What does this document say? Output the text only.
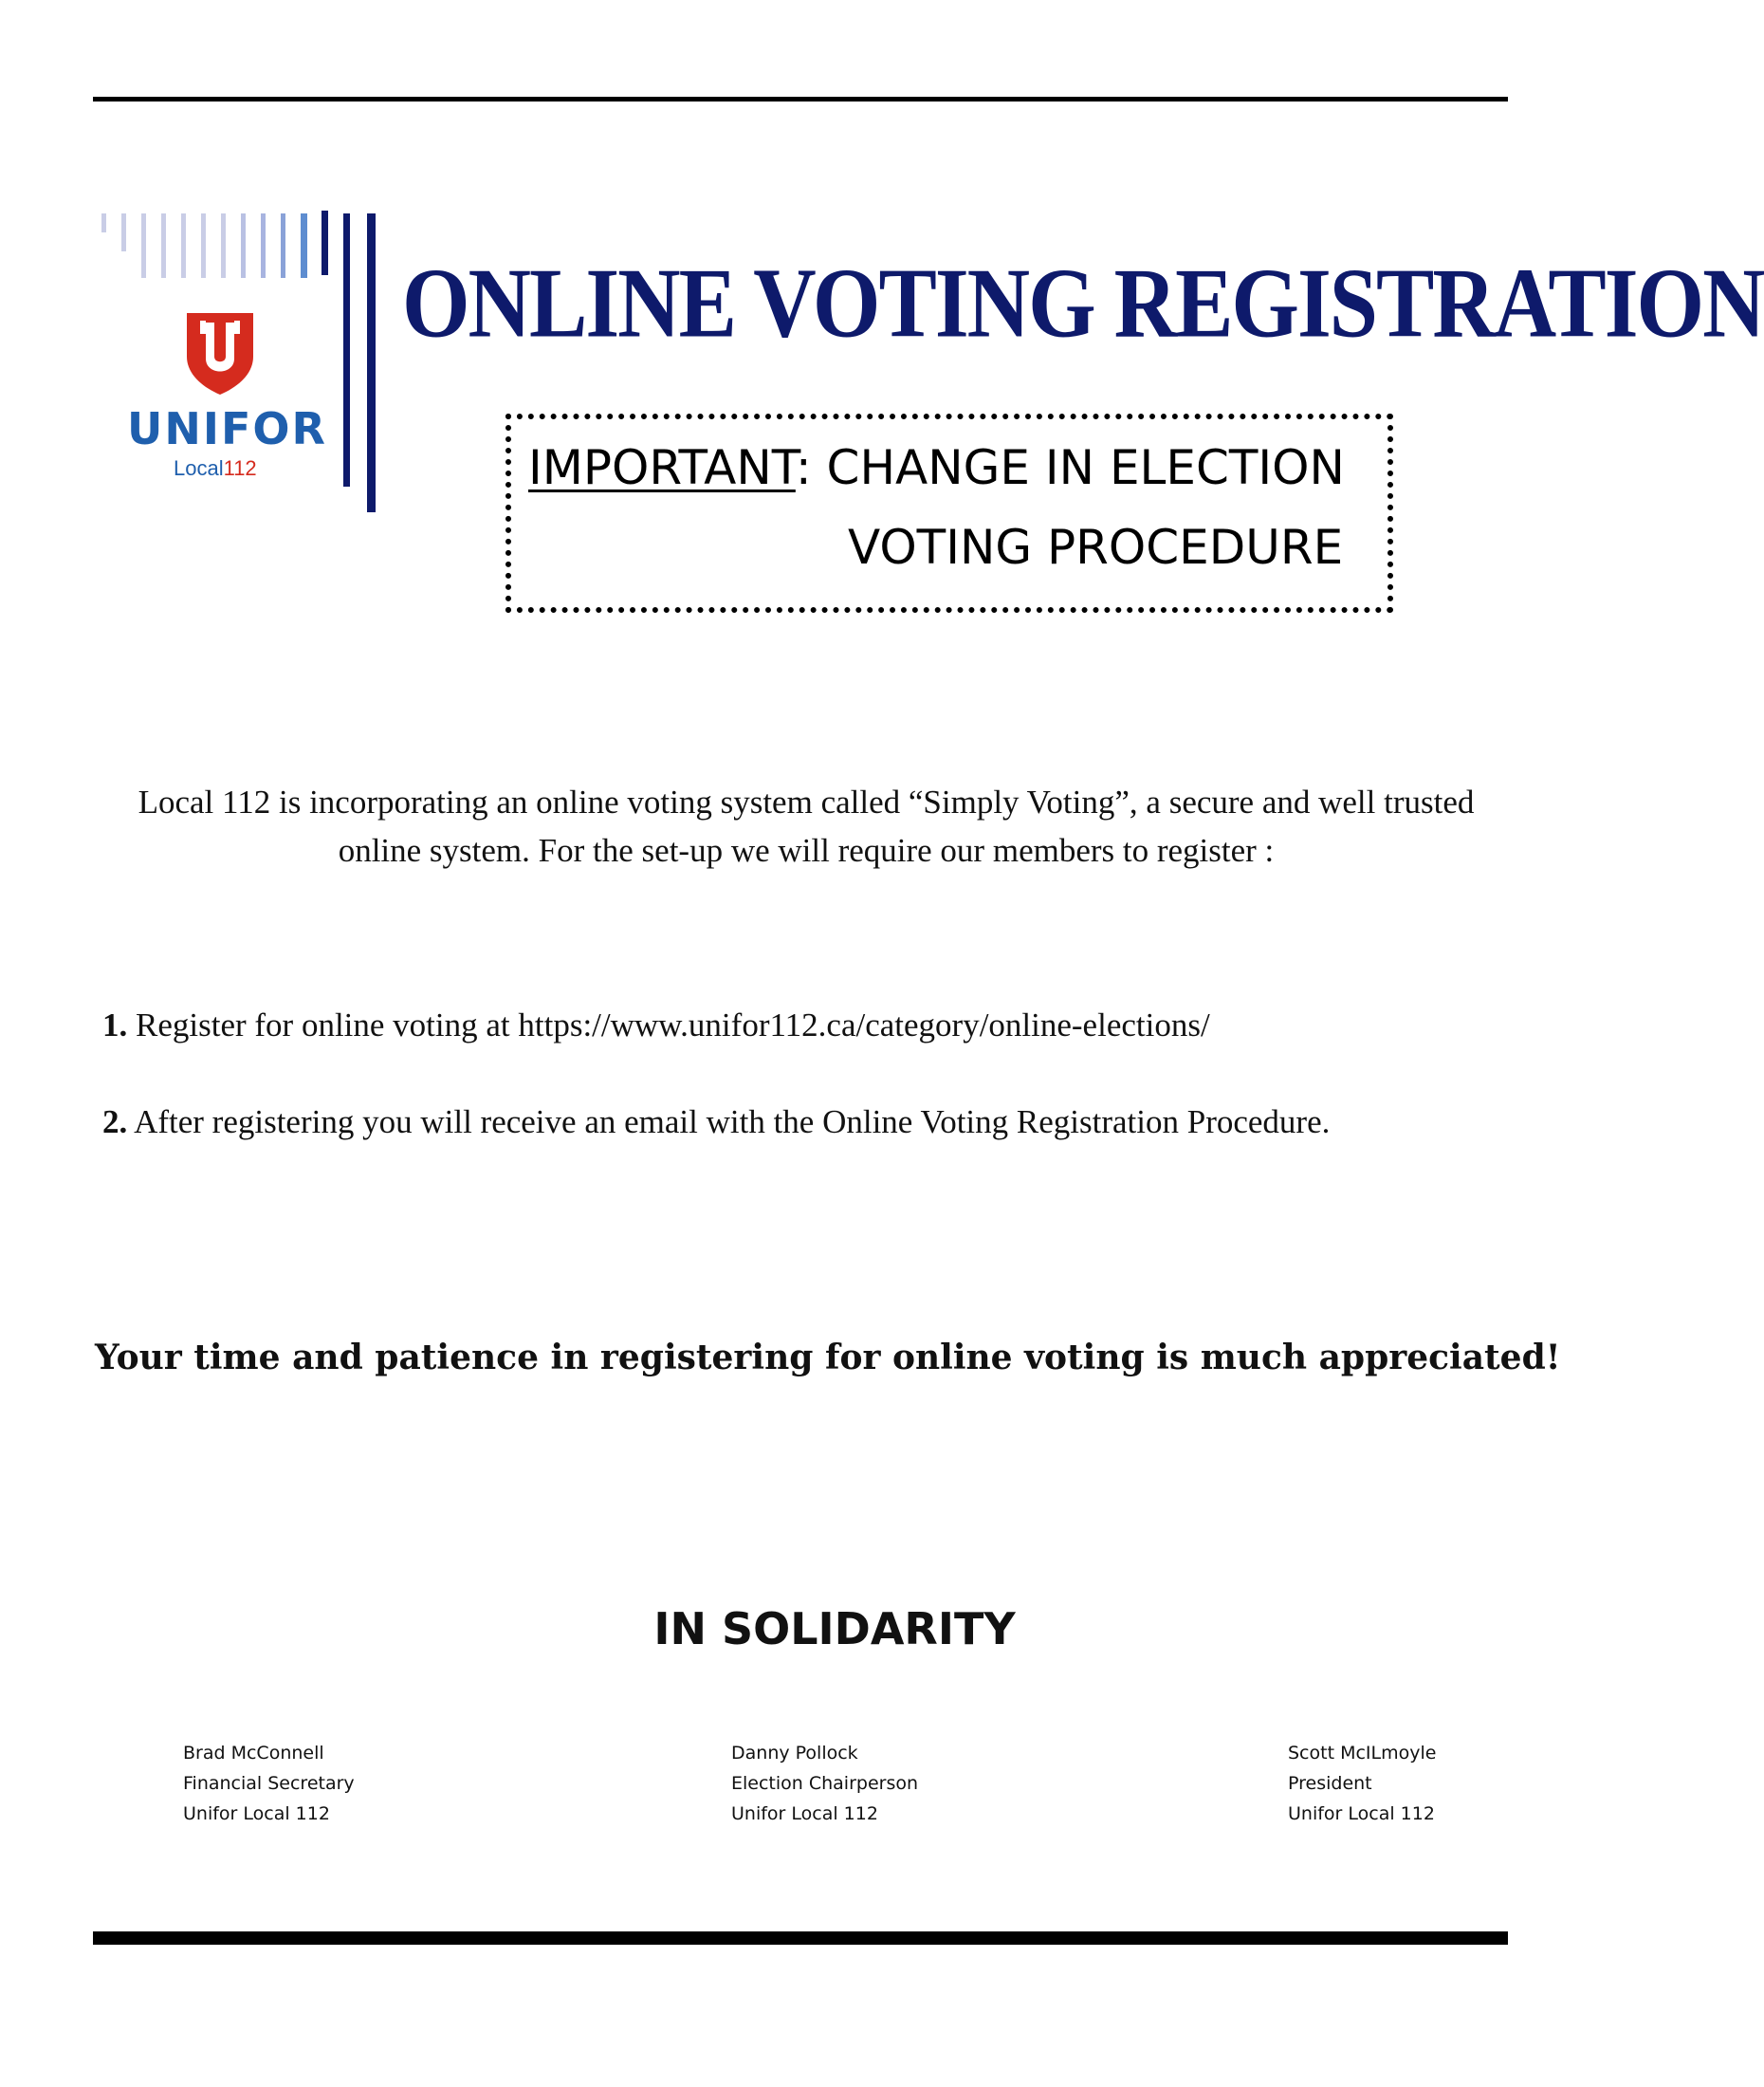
UNIFOR
Local112
ONLINE VOTING REGISTRATION
IMPORTANT: CHANGE IN ELECTION
VOTING PROCEDURE
Local 112 is incorporating an online voting system called “Simply Voting”, a secure and well trusted online system. For the set-up we will require our members to register :
1. Register for online voting at https://www.unifor112.ca/category/online-elections/
2. After registering you will receive an email with the Online Voting Registration Procedure.
Your time and patience in registering for online voting is much appreciated!
IN SOLIDARITY
Brad McConnell
Financial Secretary
Unifor Local 112
Danny Pollock
Election Chairperson
Unifor Local 112
Scott McILmoyle
President
Unifor Local 112
